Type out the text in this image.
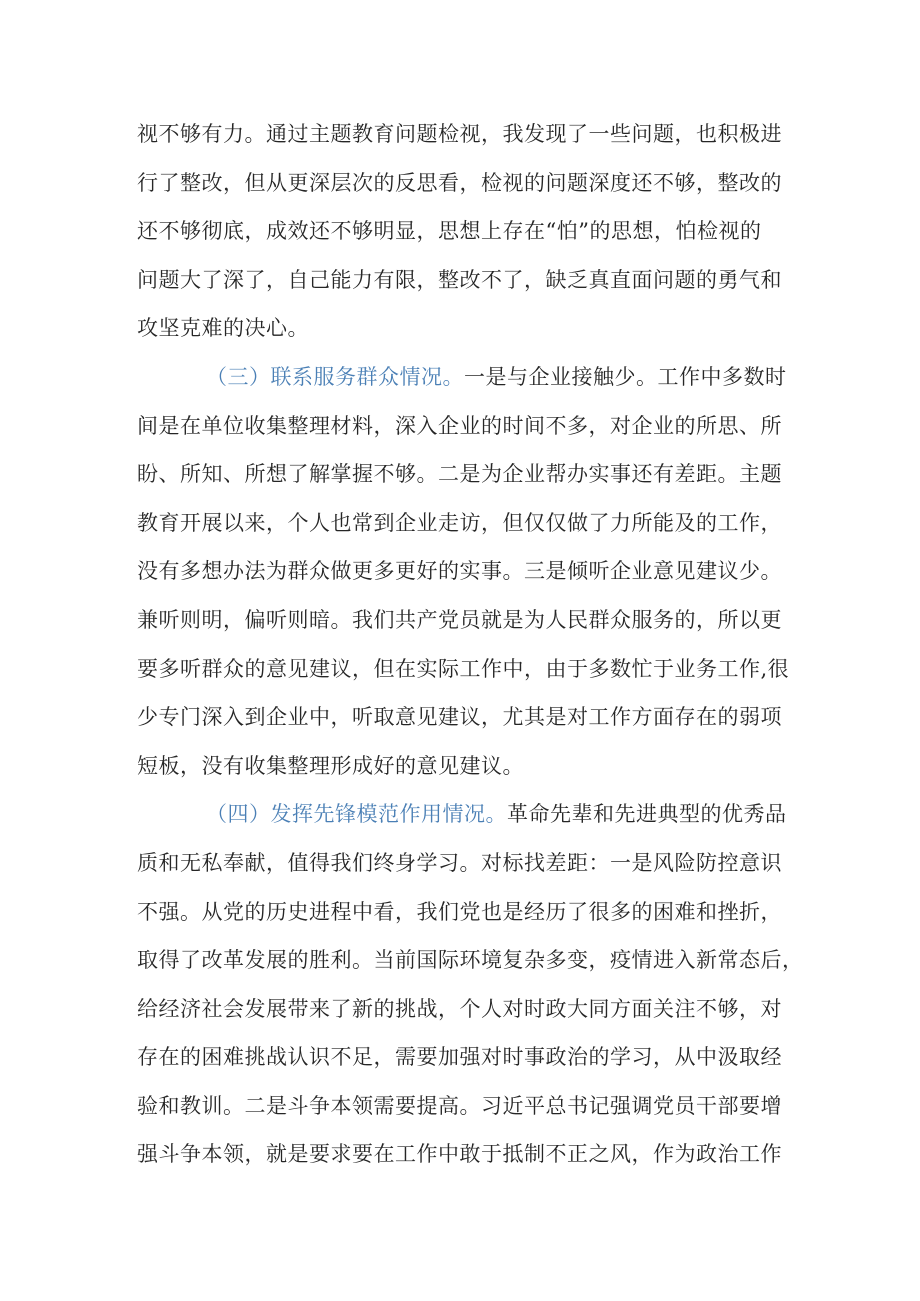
视不够有力。通过主题教育问题检视，我发现了一些问题，也积极进
行了整改，但从更深层次的反思看，检视的问题深度还不够，整改的
还不够彻底，成效还不够明显，思想上存在“怕”的思想，怕检视的
问题大了深了，自己能力有限，整改不了，缺乏真直面问题的勇气和
攻坚克难的决心。
（三）联系服务群众情况。一是与企业接触少。工作中多数时
间是在单位收集整理材料，深入企业的时间不多，对企业的所思、所
盼、所知、所想了解掌握不够。二是为企业帮办实事还有差距。主题
教育开展以来，个人也常到企业走访，但仅仅做了力所能及的工作，
没有多想办法为群众做更多更好的实事。三是倾听企业意见建议少。
兼听则明，偏听则暗。我们共产党员就是为人民群众服务的，所以更
要多听群众的意见建议，但在实际工作中，由于多数忙于业务工作,很
少专门深入到企业中，听取意见建议，尤其是对工作方面存在的弱项
短板，没有收集整理形成好的意见建议。
（四）发挥先锋模范作用情况。革命先辈和先进典型的优秀品
质和无私奉献，值得我们终身学习。对标找差距：一是风险防控意识
不强。从党的历史进程中看，我们党也是经历了很多的困难和挫折，
取得了改革发展的胜利。当前国际环境复杂多变，疫情进入新常态后，
给经济社会发展带来了新的挑战，个人对时政大同方面关注不够，对
存在的困难挑战认识不足，需要加强对时事政治的学习，从中汲取经
验和教训。二是斗争本领需要提高。习近平总书记强调党员干部要增
强斗争本领，就是要求要在工作中敢于抵制不正之风，作为政治工作
